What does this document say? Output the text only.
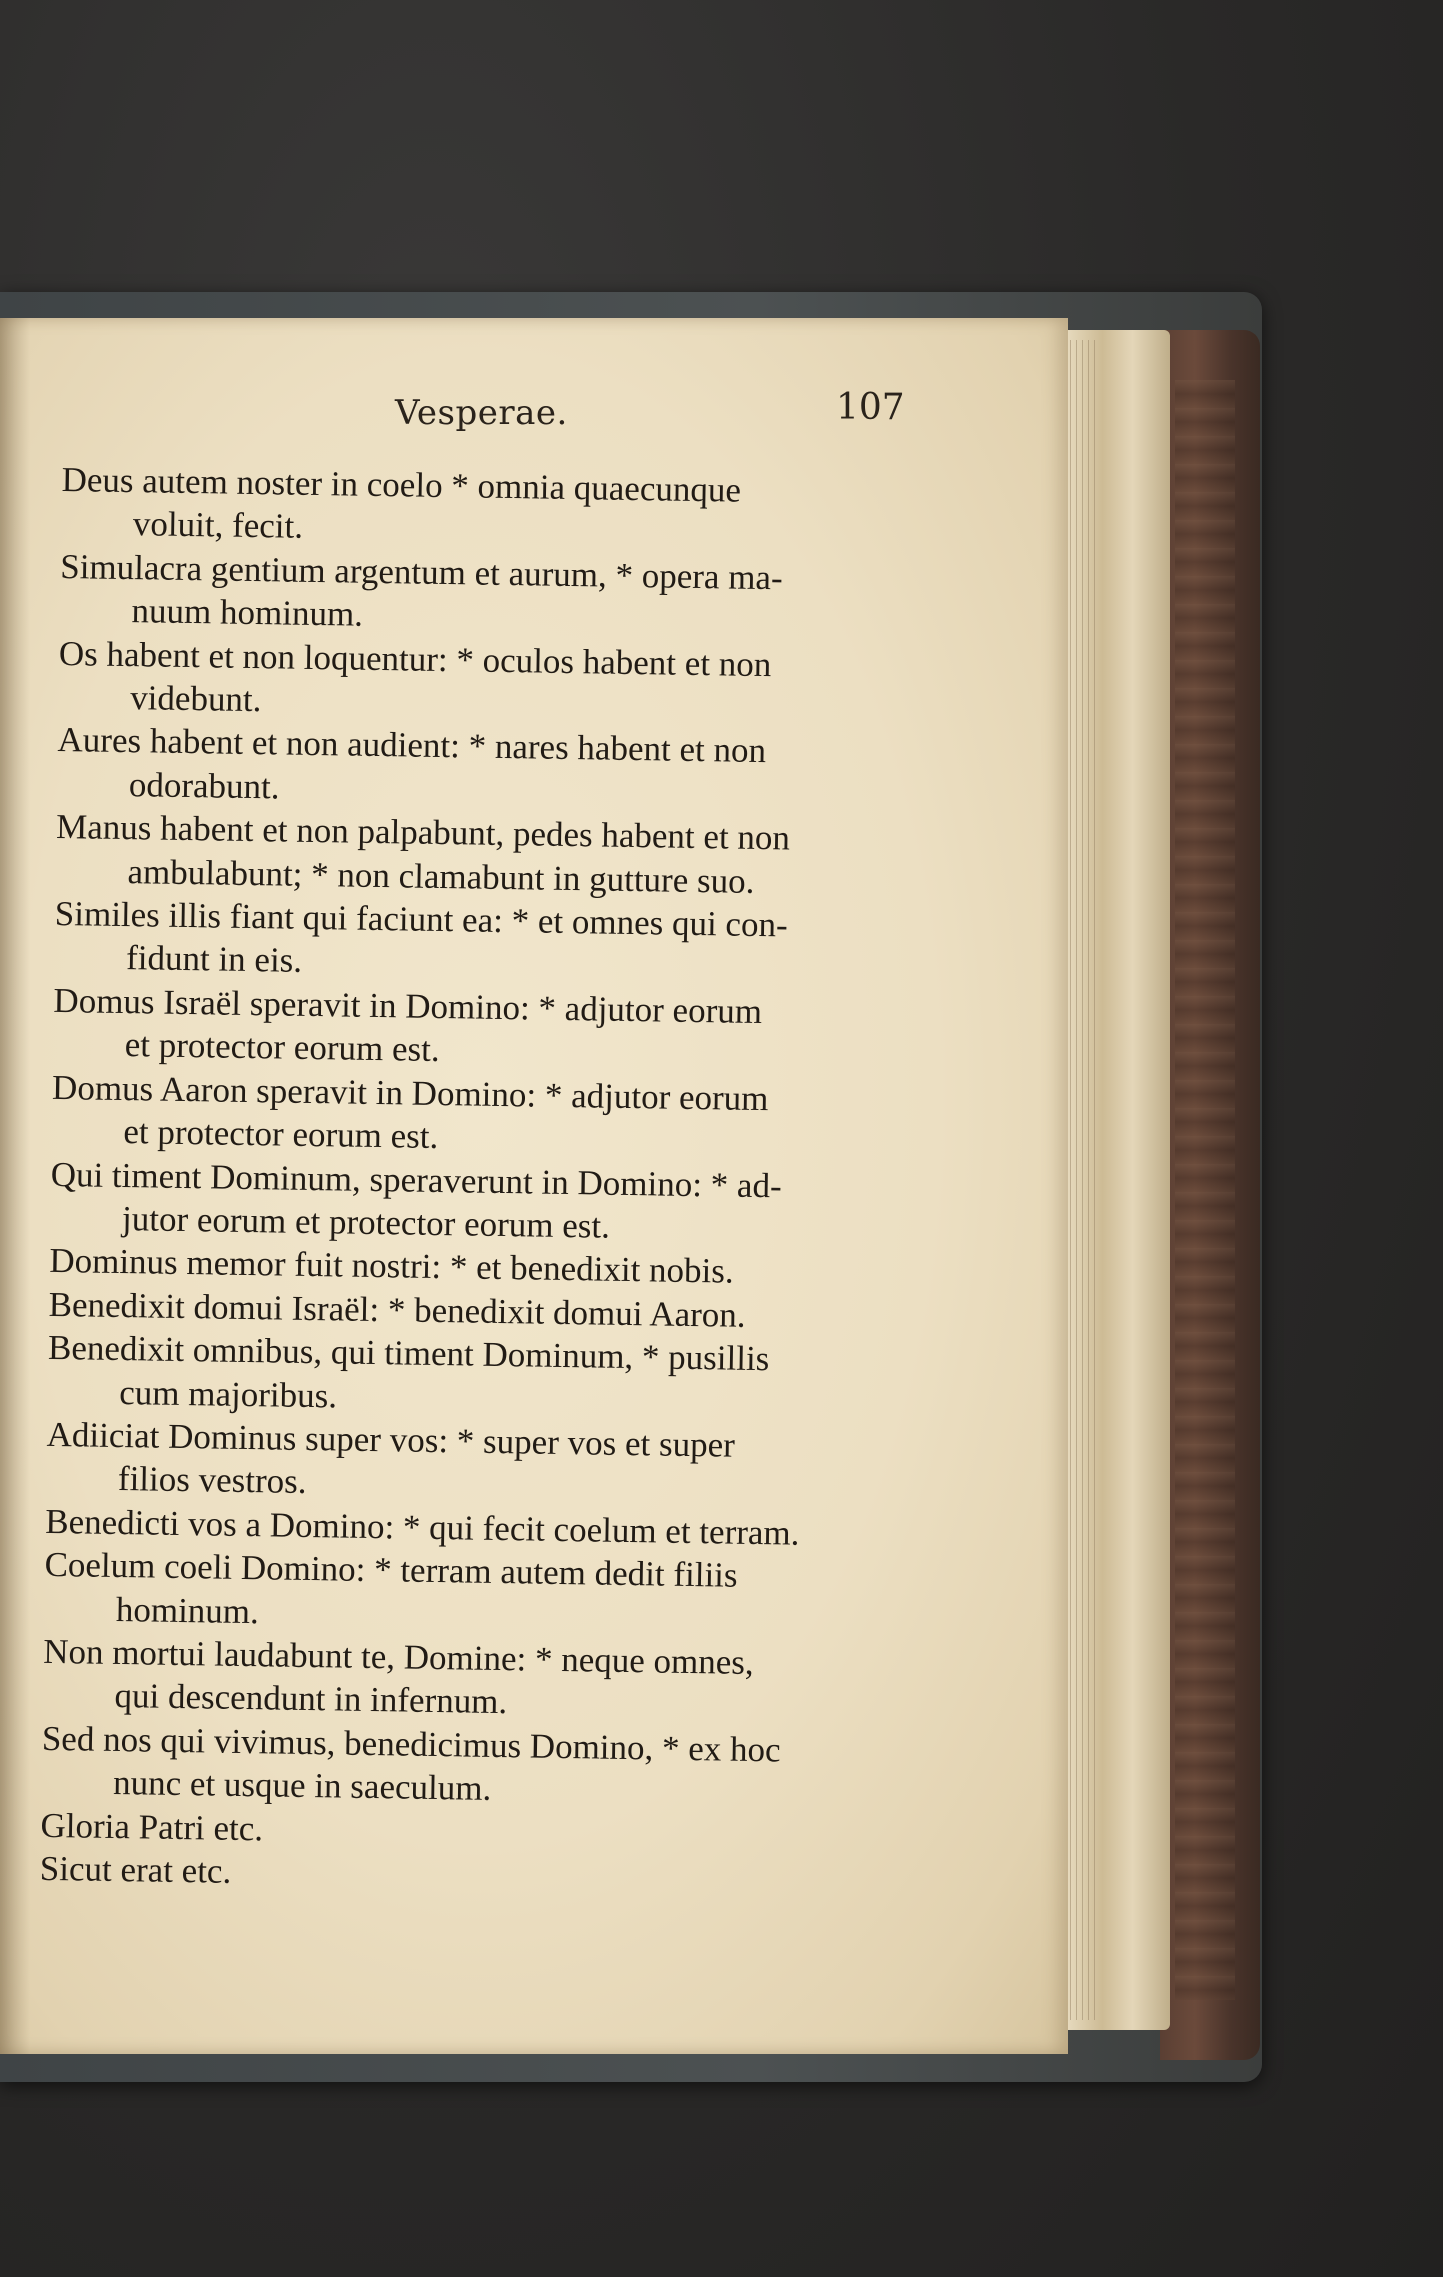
Vesperae.	107

Deus autem noster in coelo * omnia quaecunque
voluit, fecit.

Simulacra gentium argentum et aurum, * opera ma-
nuum hominum.

Os habent et non loquentur: * oculos habent et non
videbunt.

Aures habent et non audient: * nares habent et non
odorabunt.

Manus habent et non palpabunt, pedes habent et non
ambulabunt; * non clamabunt in gutture suo.

Similes illis fiant qui faciunt ea: * et omnes qui con-
fidunt in eis.

Domus Israël speravit in Domino: * adjutor eorum
et protector eorum est.

Domus Aaron speravit in Domino: * adjutor eorum
et protector eorum est.

Qui timent Dominum, speraverunt in Domino: * ad-
jutor eorum et protector eorum est.

Dominus memor fuit nostri: * et benedixit nobis.

Benedixit domui Israël: * benedixit domui Aaron.

Benedixit omnibus, qui timent Dominum, * pusillis
cum majoribus.

Adiiciat Dominus super vos: * super vos et super
filios vestros.

Benedicti vos a Domino: * qui fecit coelum et terram.

Coelum coeli Domino: * terram autem dedit filiis
hominum.

Non mortui laudabunt te, Domine: * neque omnes,
qui descendunt in infernum.

Sed nos qui vivimus, benedicimus Domino, * ex hoc
nunc et usque in saeculum.

Gloria Patri etc.

Sicut erat etc.
